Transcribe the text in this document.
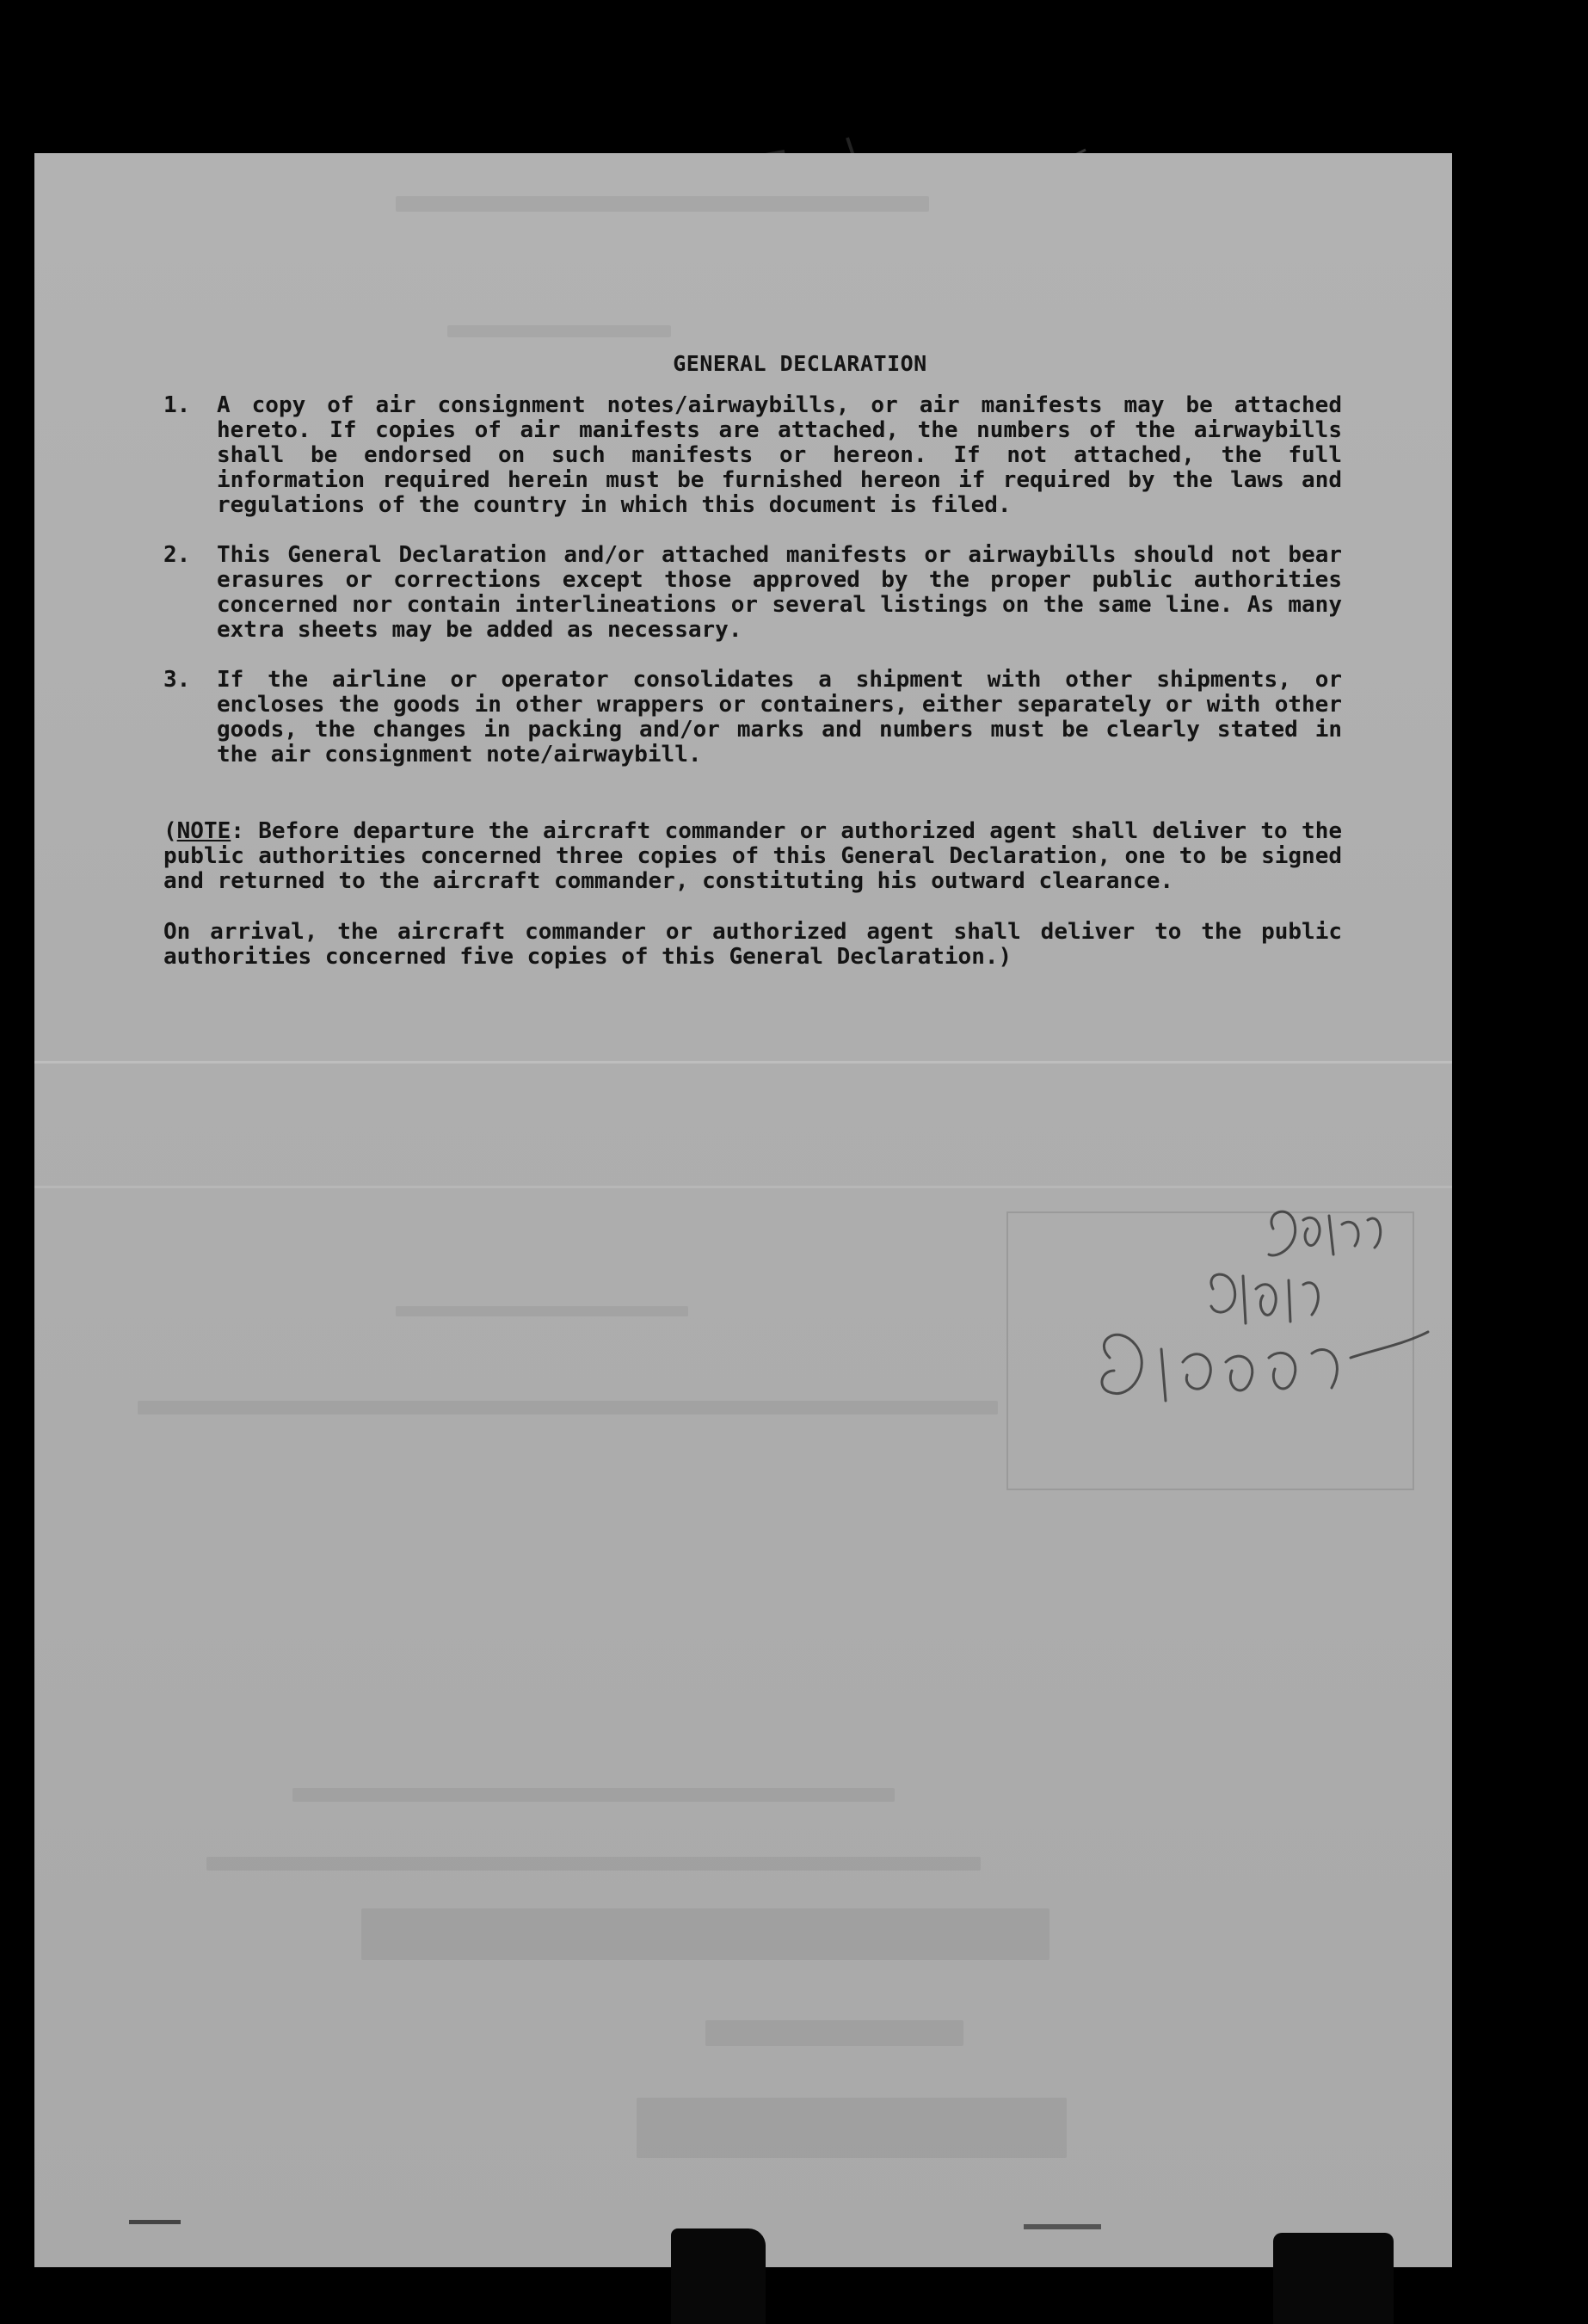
GENERAL DECLARATION
1. A copy of air consignment notes/airwaybills, or air manifests may be attached hereto. If copies of air manifests are attached, the numbers of the airwaybills shall be endorsed on such manifests or hereon. If not attached, the full information required herein must be furnished hereon if required by the laws and regulations of the country in which this document is filed.
2. This General Declaration and/or attached manifests or airwaybills should not bear erasures or corrections except those approved by the proper public authorities concerned nor contain interlineations or several listings on the same line. As many extra sheets may be added as necessary.
3. If the airline or operator consolidates a shipment with other shipments, or encloses the goods in other wrappers or containers, either separately or with other goods, the changes in packing and/or marks and numbers must be clearly stated in the air consignment note/airwaybill.

(NOTE: Before departure the aircraft commander or authorized agent shall deliver to the public authorities concerned three copies of this General Declaration, one to be signed and returned to the aircraft commander, constituting his outward clearance.

On arrival, the aircraft commander or authorized agent shall deliver to the public authorities concerned five copies of this General Declaration.)
